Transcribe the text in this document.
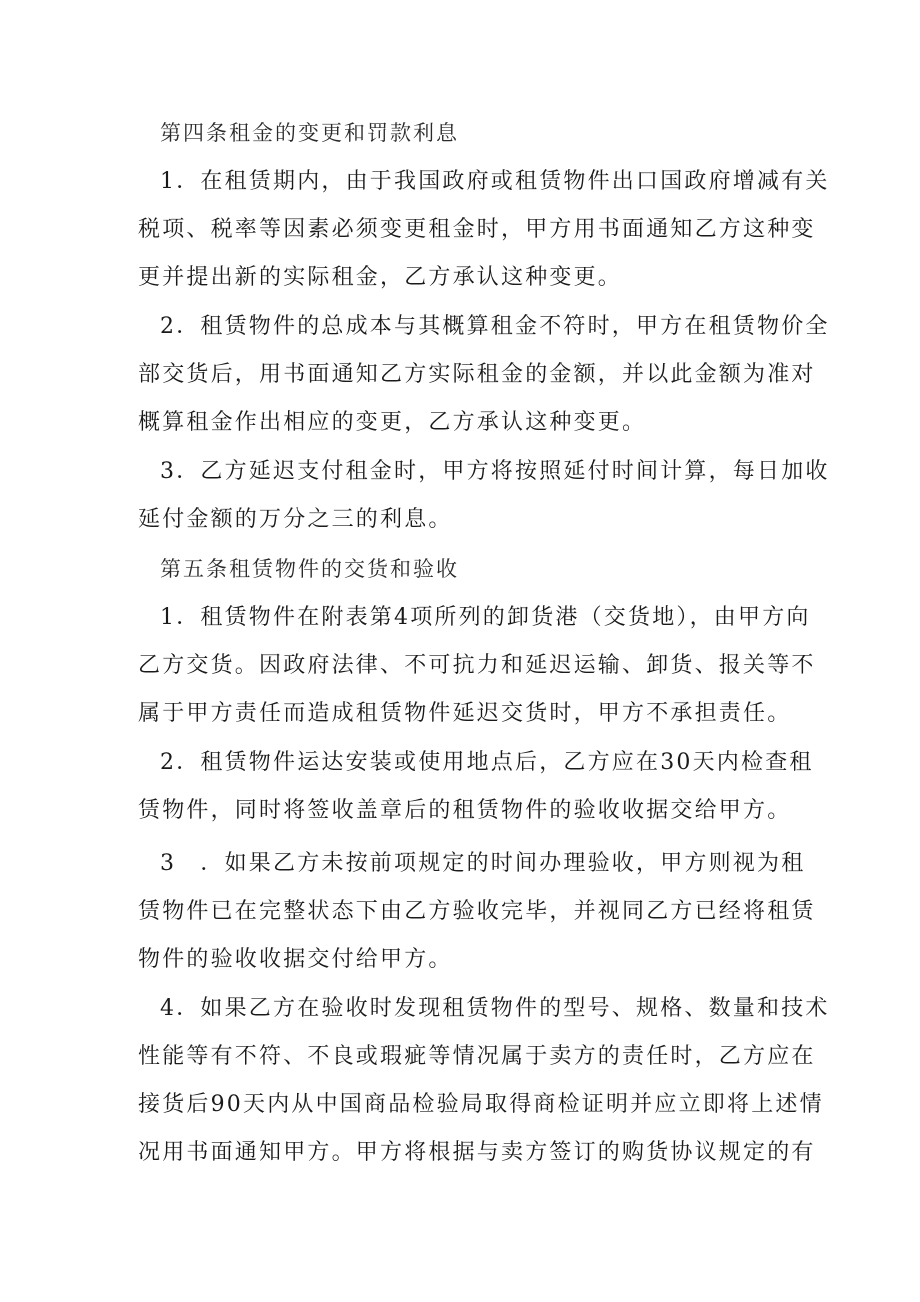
第四条租金的变更和罚款利息
1．在租赁期内，由于我国政府或租赁物件出口国政府增减有关
税项、税率等因素必须变更租金时，甲方用书面通知乙方这种变
更并提出新的实际租金，乙方承认这种变更。
2．租赁物件的总成本与其概算租金不符时，甲方在租赁物价全
部交货后，用书面通知乙方实际租金的金额，并以此金额为准对
概算租金作出相应的变更，乙方承认这种变更。
3．乙方延迟支付租金时，甲方将按照延付时间计算，每日加收
延付金额的万分之三的利息。
第五条租赁物件的交货和验收
1．租赁物件在附表第4项所列的卸货港（交货地），由甲方向
乙方交货。因政府法律、不可抗力和延迟运输、卸货、报关等不
属于甲方责任而造成租赁物件延迟交货时，甲方不承担责任。
2．租赁物件运达安装或使用地点后，乙方应在30天内检查租
赁物件，同时将签收盖章后的租赁物件的验收收据交给甲方。
3　．如果乙方未按前项规定的时间办理验收，甲方则视为租
赁物件已在完整状态下由乙方验收完毕，并视同乙方已经将租赁
物件的验收收据交付给甲方。
4．如果乙方在验收时发现租赁物件的型号、规格、数量和技术
性能等有不符、不良或瑕疵等情况属于卖方的责任时，乙方应在
接货后90天内从中国商品检验局取得商检证明并应立即将上述情
况用书面通知甲方。甲方将根据与卖方签订的购货协议规定的有
